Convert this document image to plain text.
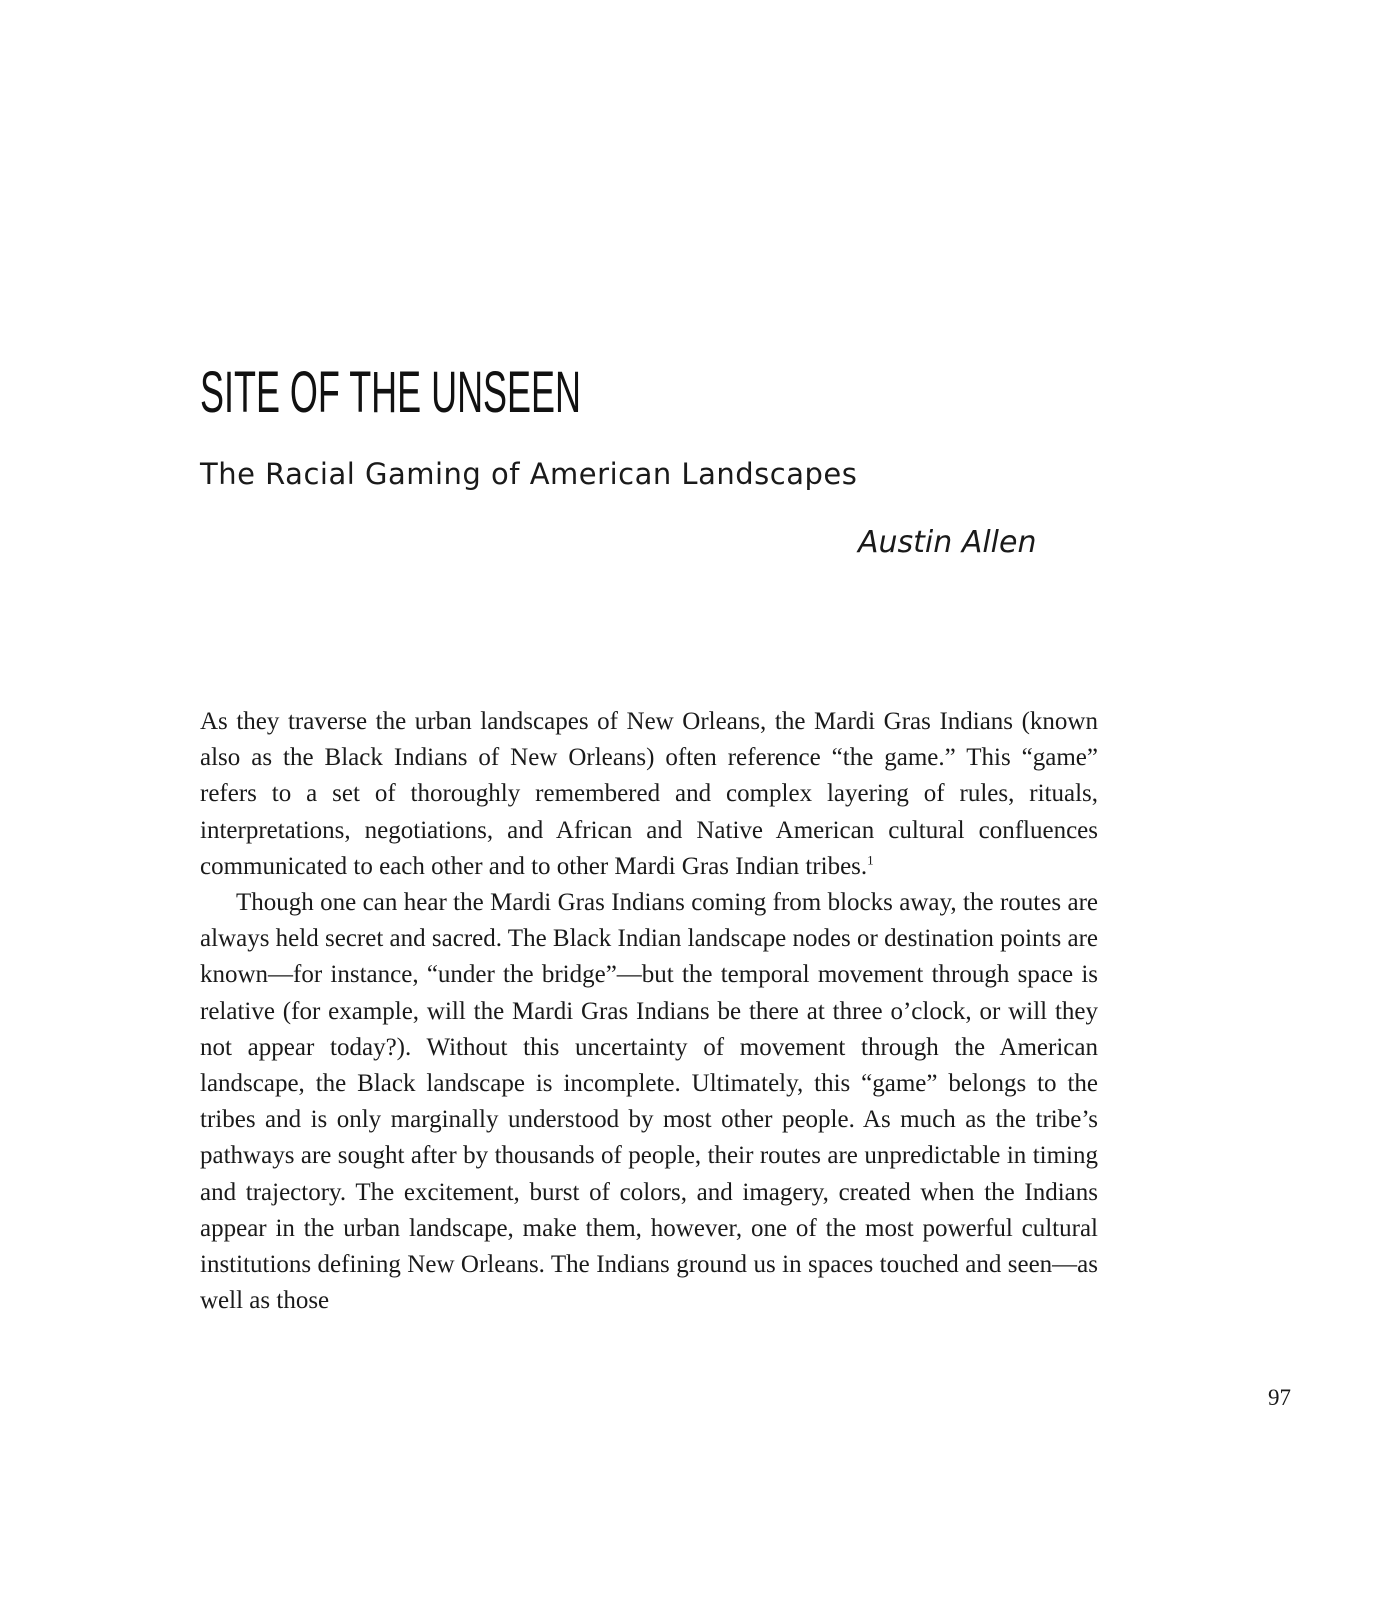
SITE OF THE UNSEEN
The Racial Gaming of American Landscapes
Austin Allen

As they traverse the urban landscapes of New Orleans, the Mardi Gras Indians (known also as the Black Indians of New Orleans) often reference “the game.” This “game” refers to a set of thoroughly remembered and complex layering of rules, rituals, interpretations, negotiations, and African and Native American cultural confluences communicated to each other and to other Mardi Gras Indian tribes.$^1$

Though one can hear the Mardi Gras Indians coming from blocks away, the routes are always held secret and sacred. The Black Indian landscape nodes or destination points are known—for instance, “under the bridge”—but the temporal movement through space is relative (for example, will the Mardi Gras Indians be there at three o’clock, or will they not appear today?). Without this uncertainty of movement through the American landscape, the Black landscape is incomplete. Ultimately, this “game” belongs to the tribes and is only marginally understood by most other people. As much as the tribe’s pathways are sought after by thousands of people, their routes are unpredictable in timing and trajectory. The excitement, burst of colors, and imagery, created when the Indians appear in the urban landscape, make them, however, one of the most powerful cultural institutions defining New Orleans. The Indians ground us in spaces touched and seen—as well as those

97
